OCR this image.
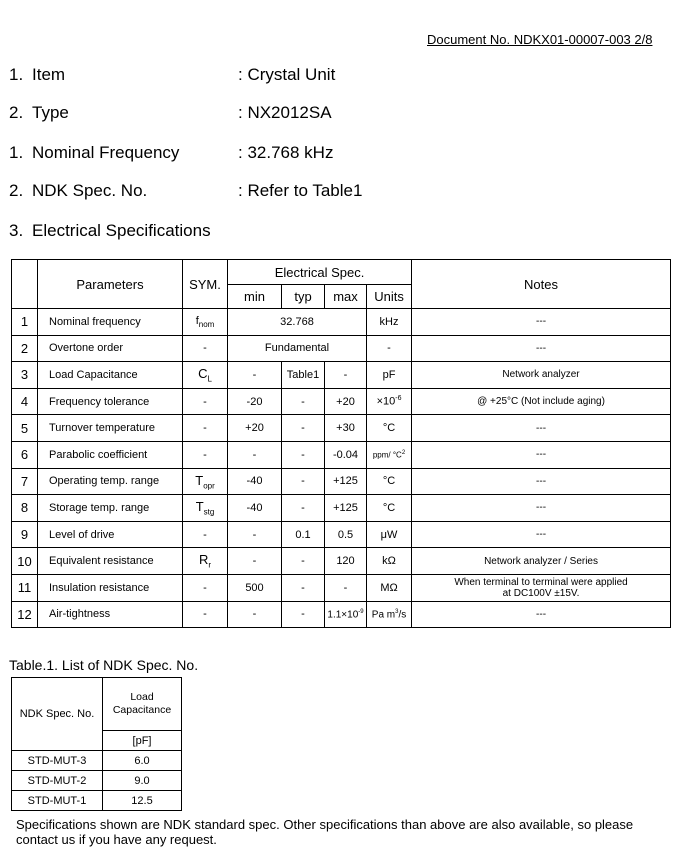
Document No. NDKX01-00007-003 2/8
1. Item	: Crystal Unit
2. Type	: NX2012SA
1. Nominal Frequency	: 32.768 kHz
2. NDK Spec. No.	: Refer to Table1
3. Electrical Specifications
	Parameters	SYM.	Electrical Spec.				Notes
			min	typ	max	Units	
1	Nominal frequency	$f_{nom}$	32.768			kHz	---
2	Overtone order	-	Fundamental			-	---
3	Load Capacitance	$C_L$	-	Table1	-	pF	Network analyzer
4	Frequency tolerance	-	-20	-	+20	$\times 10^{-6}$	@ +25°C (Not include aging)
5	Turnover temperature	-	+20	-	+30	°C	---
6	Parabolic coefficient	-	-	-	-0.04	ppm/ $^\circ C^2$	---
7	Operating temp. range	$T_{opr}$	-40	-	+125	°C	---
8	Storage temp. range	$T_{stg}$	-40	-	+125	°C	---
9	Level of drive	-	-	0.1	0.5	μW	---
10	Equivalent resistance	$R_r$	-	-	120	kΩ	Network analyzer / Series
11	Insulation resistance	-	500	-	-	MΩ	When terminal to terminal were applied
at DC100V ±15V.

12	Air-tightness	-	-	-	$1.1\times 10^{-9}$	Pa $m^3/s$	---
Table.1. List of NDK Spec. No.
NDK Spec. No.	Load
Capacitance

	[pF]
STD-MUT-3	6.0
STD-MUT-2	9.0
STD-MUT-1	12.5
Specifications shown are NDK standard spec. Other specifications than above are also available, so please contact us if you have any request.
